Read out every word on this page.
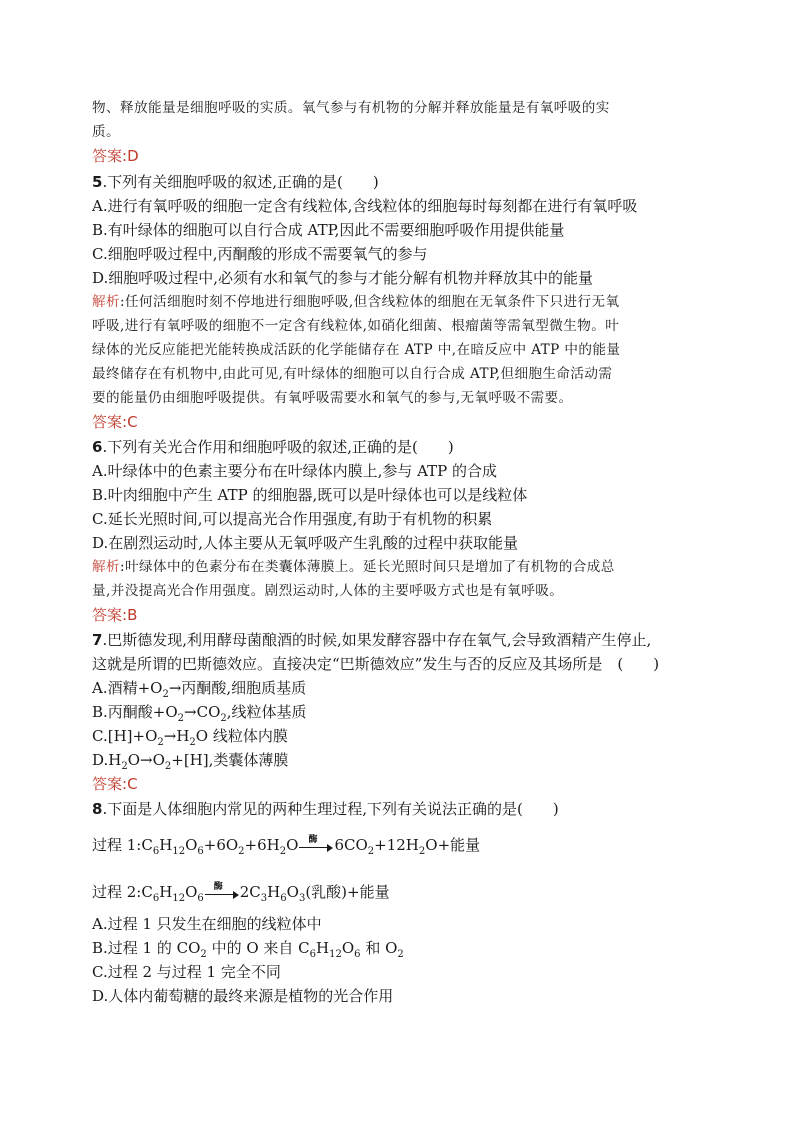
物、释放能量是细胞呼吸的实质。氧气参与有机物的分解并释放能量是有氧呼吸的实
质。
答案:D
5.下列有关细胞呼吸的叙述,正确的是(　　)
A.进行有氧呼吸的细胞一定含有线粒体,含线粒体的细胞每时每刻都在进行有氧呼吸
B.有叶绿体的细胞可以自行合成 ATP,因此不需要细胞呼吸作用提供能量
C.细胞呼吸过程中,丙酮酸的形成不需要氧气的参与
D.细胞呼吸过程中,必须有水和氧气的参与才能分解有机物并释放其中的能量
解析:任何活细胞时刻不停地进行细胞呼吸,但含线粒体的细胞在无氧条件下只进行无氧
呼吸,进行有氧呼吸的细胞不一定含有线粒体,如硝化细菌、根瘤菌等需氧型微生物。叶
绿体的光反应能把光能转换成活跃的化学能储存在 ATP 中,在暗反应中 ATP 中的能量
最终储存在有机物中,由此可见,有叶绿体的细胞可以自行合成 ATP,但细胞生命活动需
要的能量仍由细胞呼吸提供。有氧呼吸需要水和氧气的参与,无氧呼吸不需要。
答案:C
6.下列有关光合作用和细胞呼吸的叙述,正确的是(　　)
A.叶绿体中的色素主要分布在叶绿体内膜上,参与 ATP 的合成
B.叶肉细胞中产生 ATP 的细胞器,既可以是叶绿体也可以是线粒体
C.延长光照时间,可以提高光合作用强度,有助于有机物的积累
D.在剧烈运动时,人体主要从无氧呼吸产生乳酸的过程中获取能量
解析:叶绿体中的色素分布在类囊体薄膜上。延长光照时间只是增加了有机物的合成总
量,并没提高光合作用强度。剧烈运动时,人体的主要呼吸方式也是有氧呼吸。
答案:B
7.巴斯德发现,利用酵母菌酿酒的时候,如果发酵容器中存在氧气,会导致酒精产生停止,
这就是所谓的巴斯德效应。直接决定“巴斯德效应”发生与否的反应及其场所是　(　　)
A.酒精$+O_2\to$丙酮酸,细胞质基质
B.丙酮酸$+O_2\to CO_2$,线粒体基质
$C.[H]+O_2\to H_2O$ 线粒体内膜
$D.H_2O\to O_2+[H]$,类囊体薄膜
答案:C
8.下面是人体细胞内常见的两种生理过程,下列有关说法正确的是(　　)
过程 $1:C_6H_{12}O_6+6O_2+6H_2O$ 酶 $6CO_2+12H_2O+$能量
过程 $2:C_6H_{12}O_6$
酶 $2C_3H_6O_3$(乳酸)+能量
A.过程 1 只发生在细胞的线粒体中
B.过程 1 的 $CO_2$ 中的 O 来自 $C_6H_{12}O_6$ 和 $O_2$
C.过程 2 与过程 1 完全不同
D.人体内葡萄糖的最终来源是植物的光合作用
